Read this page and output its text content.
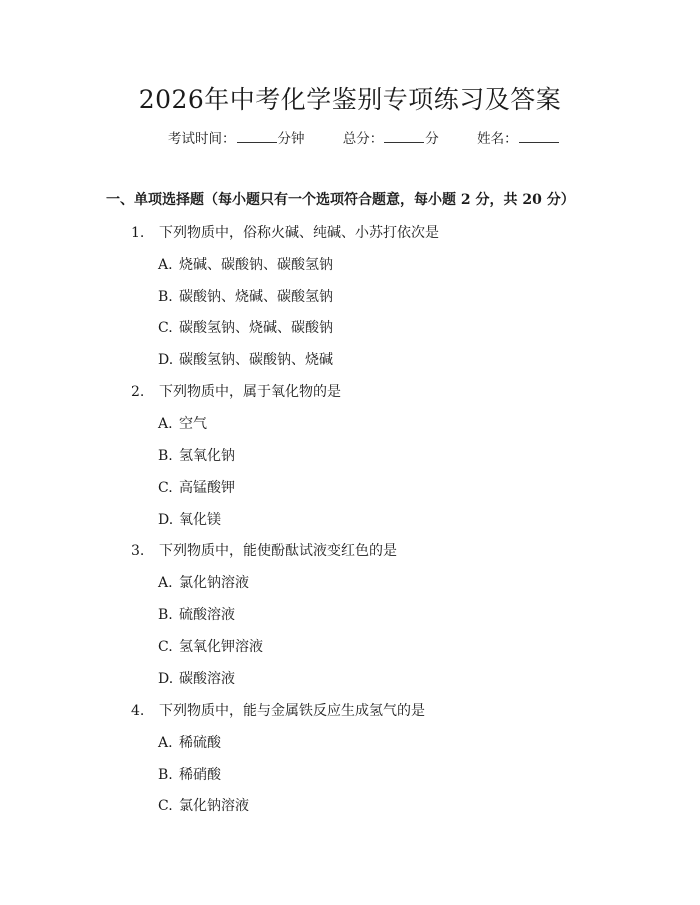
2026年中考化学鉴别专项练习及答案
考试时间：	分钟	总分：	分	姓名：
一、单项选择题（每小题只有一个选项符合题意，每小题 2 分，共 20 分）
1. 下列物质中，俗称火碱、纯碱、小苏打依次是
A. 烧碱、碳酸钠、碳酸氢钠
B. 碳酸钠、烧碱、碳酸氢钠
C. 碳酸氢钠、烧碱、碳酸钠
D. 碳酸氢钠、碳酸钠、烧碱
2. 下列物质中，属于氧化物的是
A. 空气
B. 氢氧化钠
C. 高锰酸钾
D. 氧化镁
3. 下列物质中，能使酚酞试液变红色的是
A. 氯化钠溶液
B. 硫酸溶液
C. 氢氧化钾溶液
D. 碳酸溶液
4. 下列物质中，能与金属铁反应生成氢气的是
A. 稀硫酸
B. 稀硝酸
C. 氯化钠溶液
